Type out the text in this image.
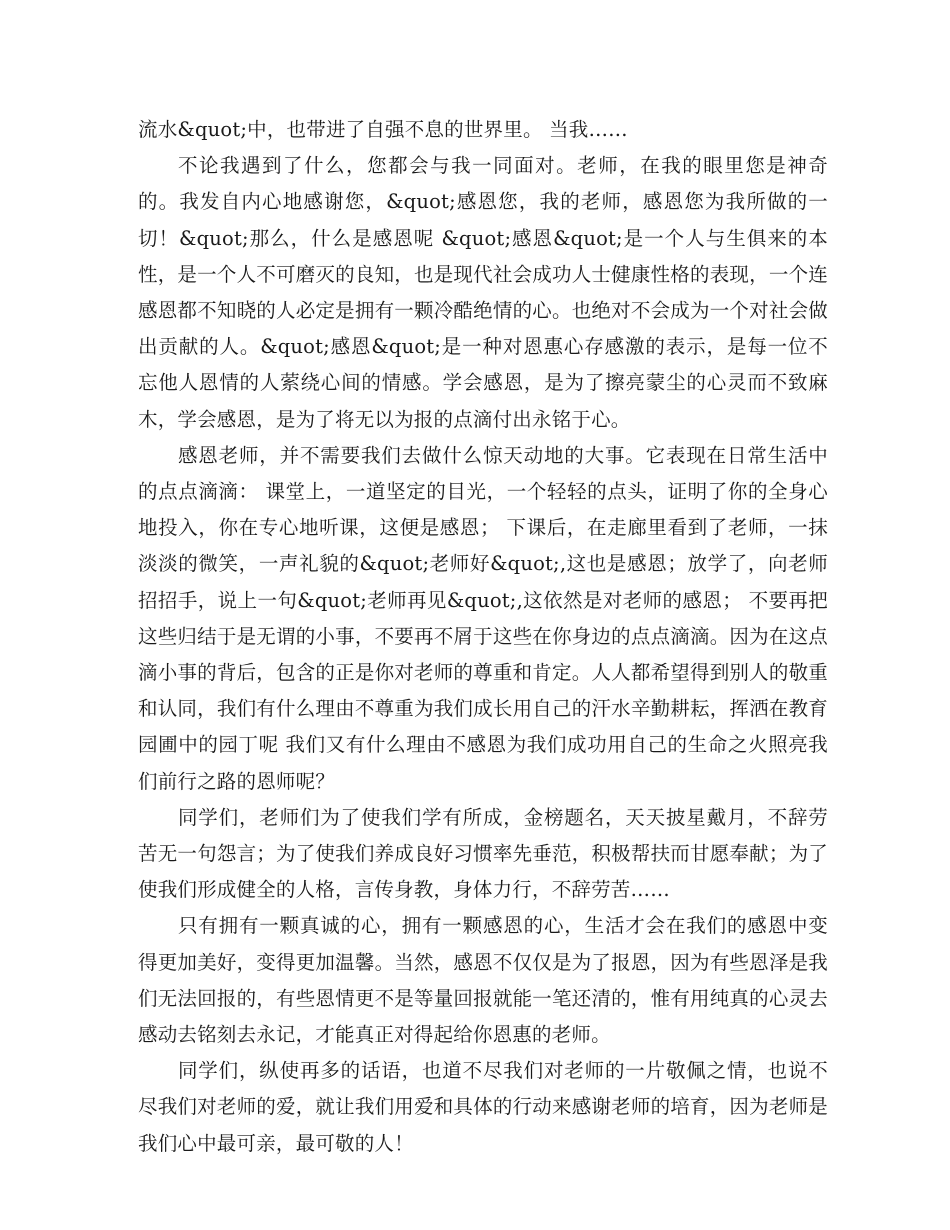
流水&quot;中，也带进了自强不息的世界里。 当我……

不论我遇到了什么，您都会与我一同面对。老师，在我的眼里您是神奇的。我发自内心地感谢您，&quot;感恩您，我的老师，感恩您为我所做的一切！&quot;那么，什么是感恩呢 &quot;感恩&quot;是一个人与生俱来的本性，是一个人不可磨灭的良知，也是现代社会成功人士健康性格的表现，一个连感恩都不知晓的人必定是拥有一颗冷酷绝情的心。也绝对不会成为一个对社会做出贡献的人。&quot;感恩&quot;是一种对恩惠心存感激的表示，是每一位不忘他人恩情的人萦绕心间的情感。学会感恩，是为了擦亮蒙尘的心灵而不致麻木，学会感恩，是为了将无以为报的点滴付出永铭于心。

感恩老师，并不需要我们去做什么惊天动地的大事。它表现在日常生活中的点点滴滴： 课堂上，一道坚定的目光，一个轻轻的点头，证明了你的全身心地投入，你在专心地听课，这便是感恩； 下课后，在走廊里看到了老师，一抹淡淡的微笑，一声礼貌的&quot;老师好&quot;,这也是感恩；放学了，向老师招招手，说上一句&quot;老师再见&quot;,这依然是对老师的感恩； 不要再把这些归结于是无谓的小事，不要再不屑于这些在你身边的点点滴滴。因为在这点滴小事的背后，包含的正是你对老师的尊重和肯定。人人都希望得到别人的敬重和认同，我们有什么理由不尊重为我们成长用自己的汗水辛勤耕耘，挥洒在教育园圃中的园丁呢 我们又有什么理由不感恩为我们成功用自己的生命之火照亮我们前行之路的恩师呢？

同学们，老师们为了使我们学有所成，金榜题名，天天披星戴月，不辞劳苦无一句怨言；为了使我们养成良好习惯率先垂范，积极帮扶而甘愿奉献；为了使我们形成健全的人格，言传身教，身体力行，不辞劳苦……

只有拥有一颗真诚的心，拥有一颗感恩的心，生活才会在我们的感恩中变得更加美好，变得更加温馨。当然，感恩不仅仅是为了报恩，因为有些恩泽是我们无法回报的，有些恩情更不是等量回报就能一笔还清的，惟有用纯真的心灵去感动去铭刻去永记，才能真正对得起给你恩惠的老师。

同学们，纵使再多的话语，也道不尽我们对老师的一片敬佩之情，也说不尽我们对老师的爱，就让我们用爱和具体的行动来感谢老师的培育，因为老师是我们心中最可亲，最可敬的人！
